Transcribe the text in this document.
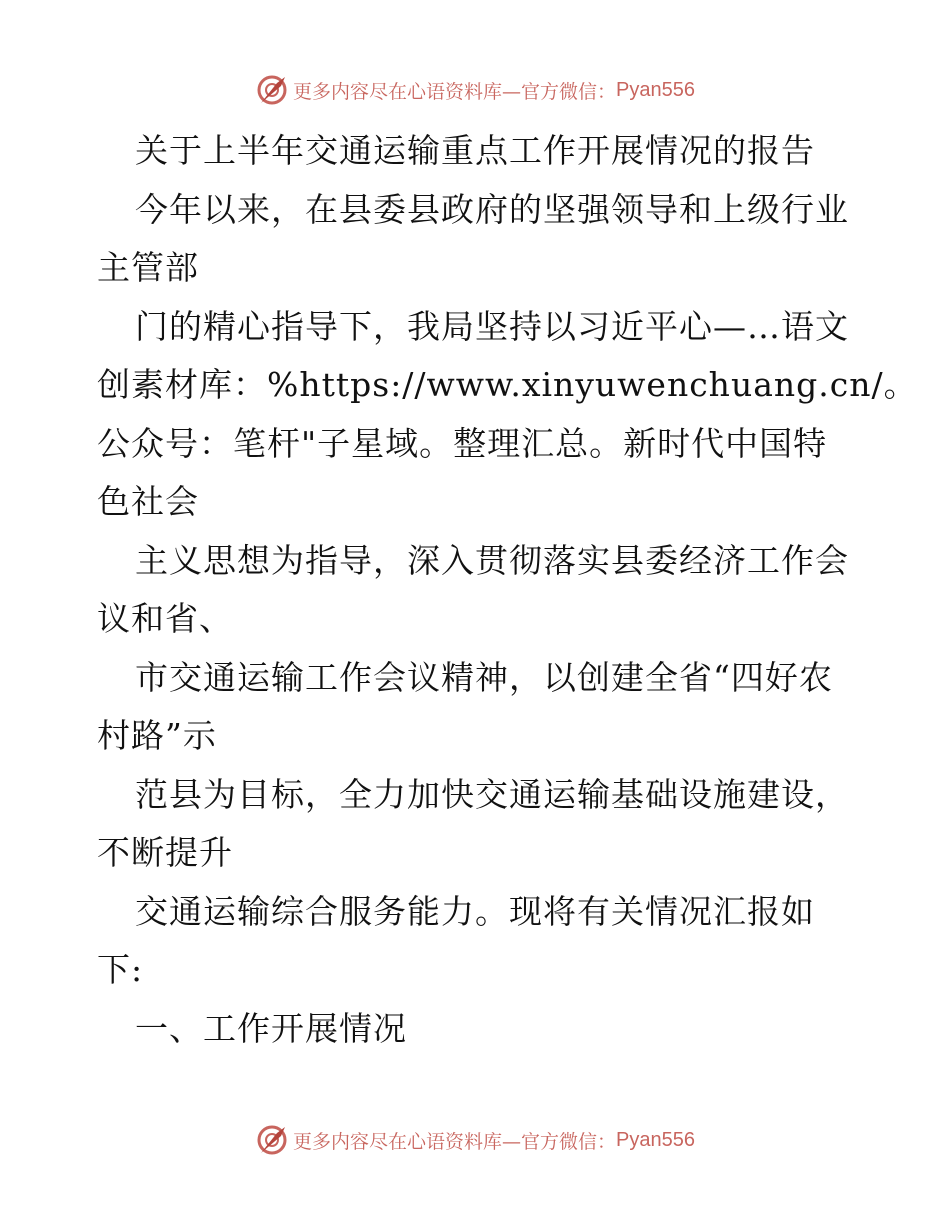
更多内容尽在心语资料库—官方微信： Pyan556
关于上半年交通运输重点工作开展情况的报告
今年以来，在县委县政府的坚强领导和上级行业
主管部
门的精心指导下，我局坚持以习近平心—…语文
创素材库：%https://www.xinyuwenchuang.cn/。
公众号：笔杆"子星域。整理汇总。新时代中国特
色社会
主义思想为指导，深入贯彻落实县委经济工作会
议和省、
市交通运输工作会议精神，以创建全省“四好农
村路”示
范县为目标，全力加快交通运输基础设施建设，
不断提升
交通运输综合服务能力。现将有关情况汇报如
下:
一、工作开展情况
更多内容尽在心语资料库—官方微信： Pyan556
